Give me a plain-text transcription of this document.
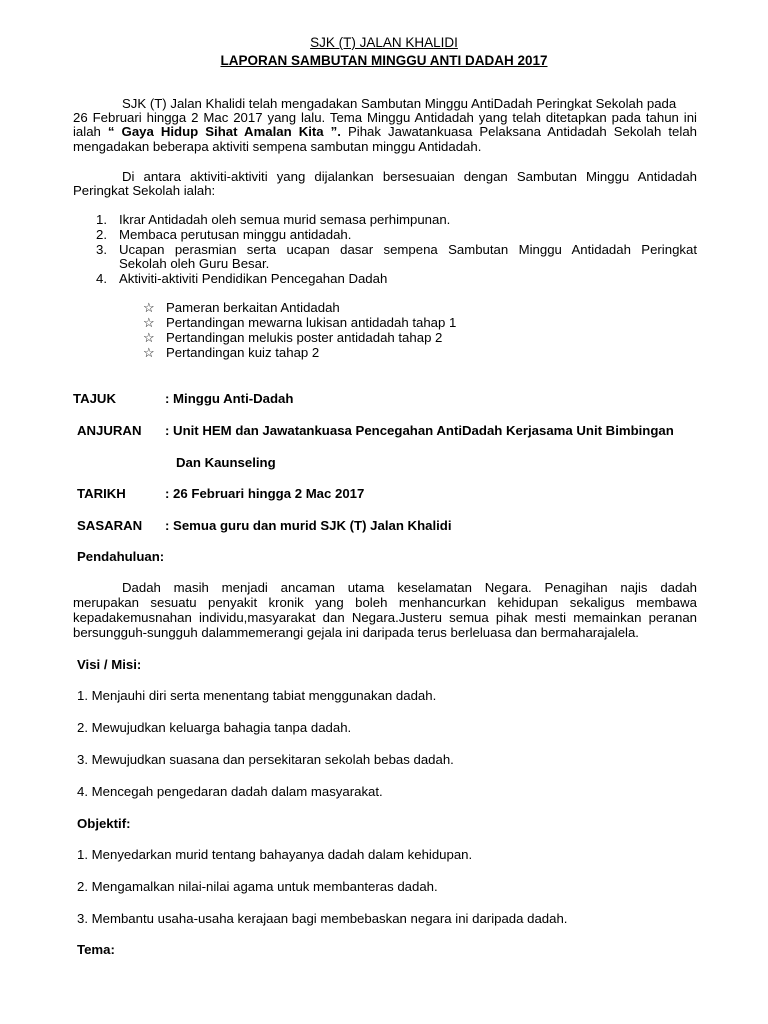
SJK (T) JALAN KHALIDI
LAPORAN SAMBUTAN MINGGU ANTI DADAH 2017
SJK (T) Jalan Khalidi telah mengadakan Sambutan Minggu AntiDadah Peringkat Sekolah pada
26 Februari hingga 2 Mac 2017 yang lalu. Tema Minggu Antidadah yang telah ditetapkan pada tahun ini
ialah “ Gaya Hidup Sihat Amalan Kita ”. Pihak Jawatankuasa Pelaksana Antidadah Sekolah telah
mengadakan beberapa aktiviti sempena sambutan minggu Antidadah.
Di antara aktiviti-aktiviti yang dijalankan bersesuaian dengan Sambutan Minggu Antidadah
Peringkat Sekolah ialah:
1. Ikrar Antidadah oleh semua murid semasa perhimpunan.
2. Membaca perutusan minggu antidadah.
3. Ucapan perasmian serta ucapan dasar sempena Sambutan Minggu Antidadah Peringkat
Sekolah oleh Guru Besar.
4. Aktiviti-aktiviti Pendidikan Pencegahan Dadah
☆ Pameran berkaitan Antidadah
☆ Pertandingan mewarna lukisan antidadah tahap 1
☆ Pertandingan melukis poster antidadah tahap 2
☆ Pertandingan kuiz tahap 2
TAJUK	: Minggu Anti-Dadah
ANJURAN : Unit HEM dan Jawatankuasa Pencegahan AntiDadah Kerjasama Unit Bimbingan
Dan Kaunseling
TARIKH	: 26 Februari hingga 2 Mac 2017
SASARAN : Semua guru dan murid SJK (T) Jalan Khalidi
Pendahuluan:
Dadah masih menjadi ancaman utama keselamatan Negara. Penagihan najis dadah
merupakan sesuatu penyakit kronik yang boleh menhancurkan kehidupan sekaligus membawa
kepadakemusnahan individu,masyarakat dan Negara.Justeru semua pihak mesti memainkan peranan
bersungguh-sungguh dalammemerangi gejala ini daripada terus berleluasa dan bermaharajalela.
Visi / Misi:
1. Menjauhi diri serta menentang tabiat menggunakan dadah.
2. Mewujudkan keluarga bahagia tanpa dadah.
3. Mewujudkan suasana dan persekitaran sekolah bebas dadah.
4. Mencegah pengedaran dadah dalam masyarakat.
Objektif:
1. Menyedarkan murid tentang bahayanya dadah dalam kehidupan.
2. Mengamalkan nilai-nilai agama untuk membanteras dadah.
3. Membantu usaha-usaha kerajaan bagi membebaskan negara ini daripada dadah.
Tema:
